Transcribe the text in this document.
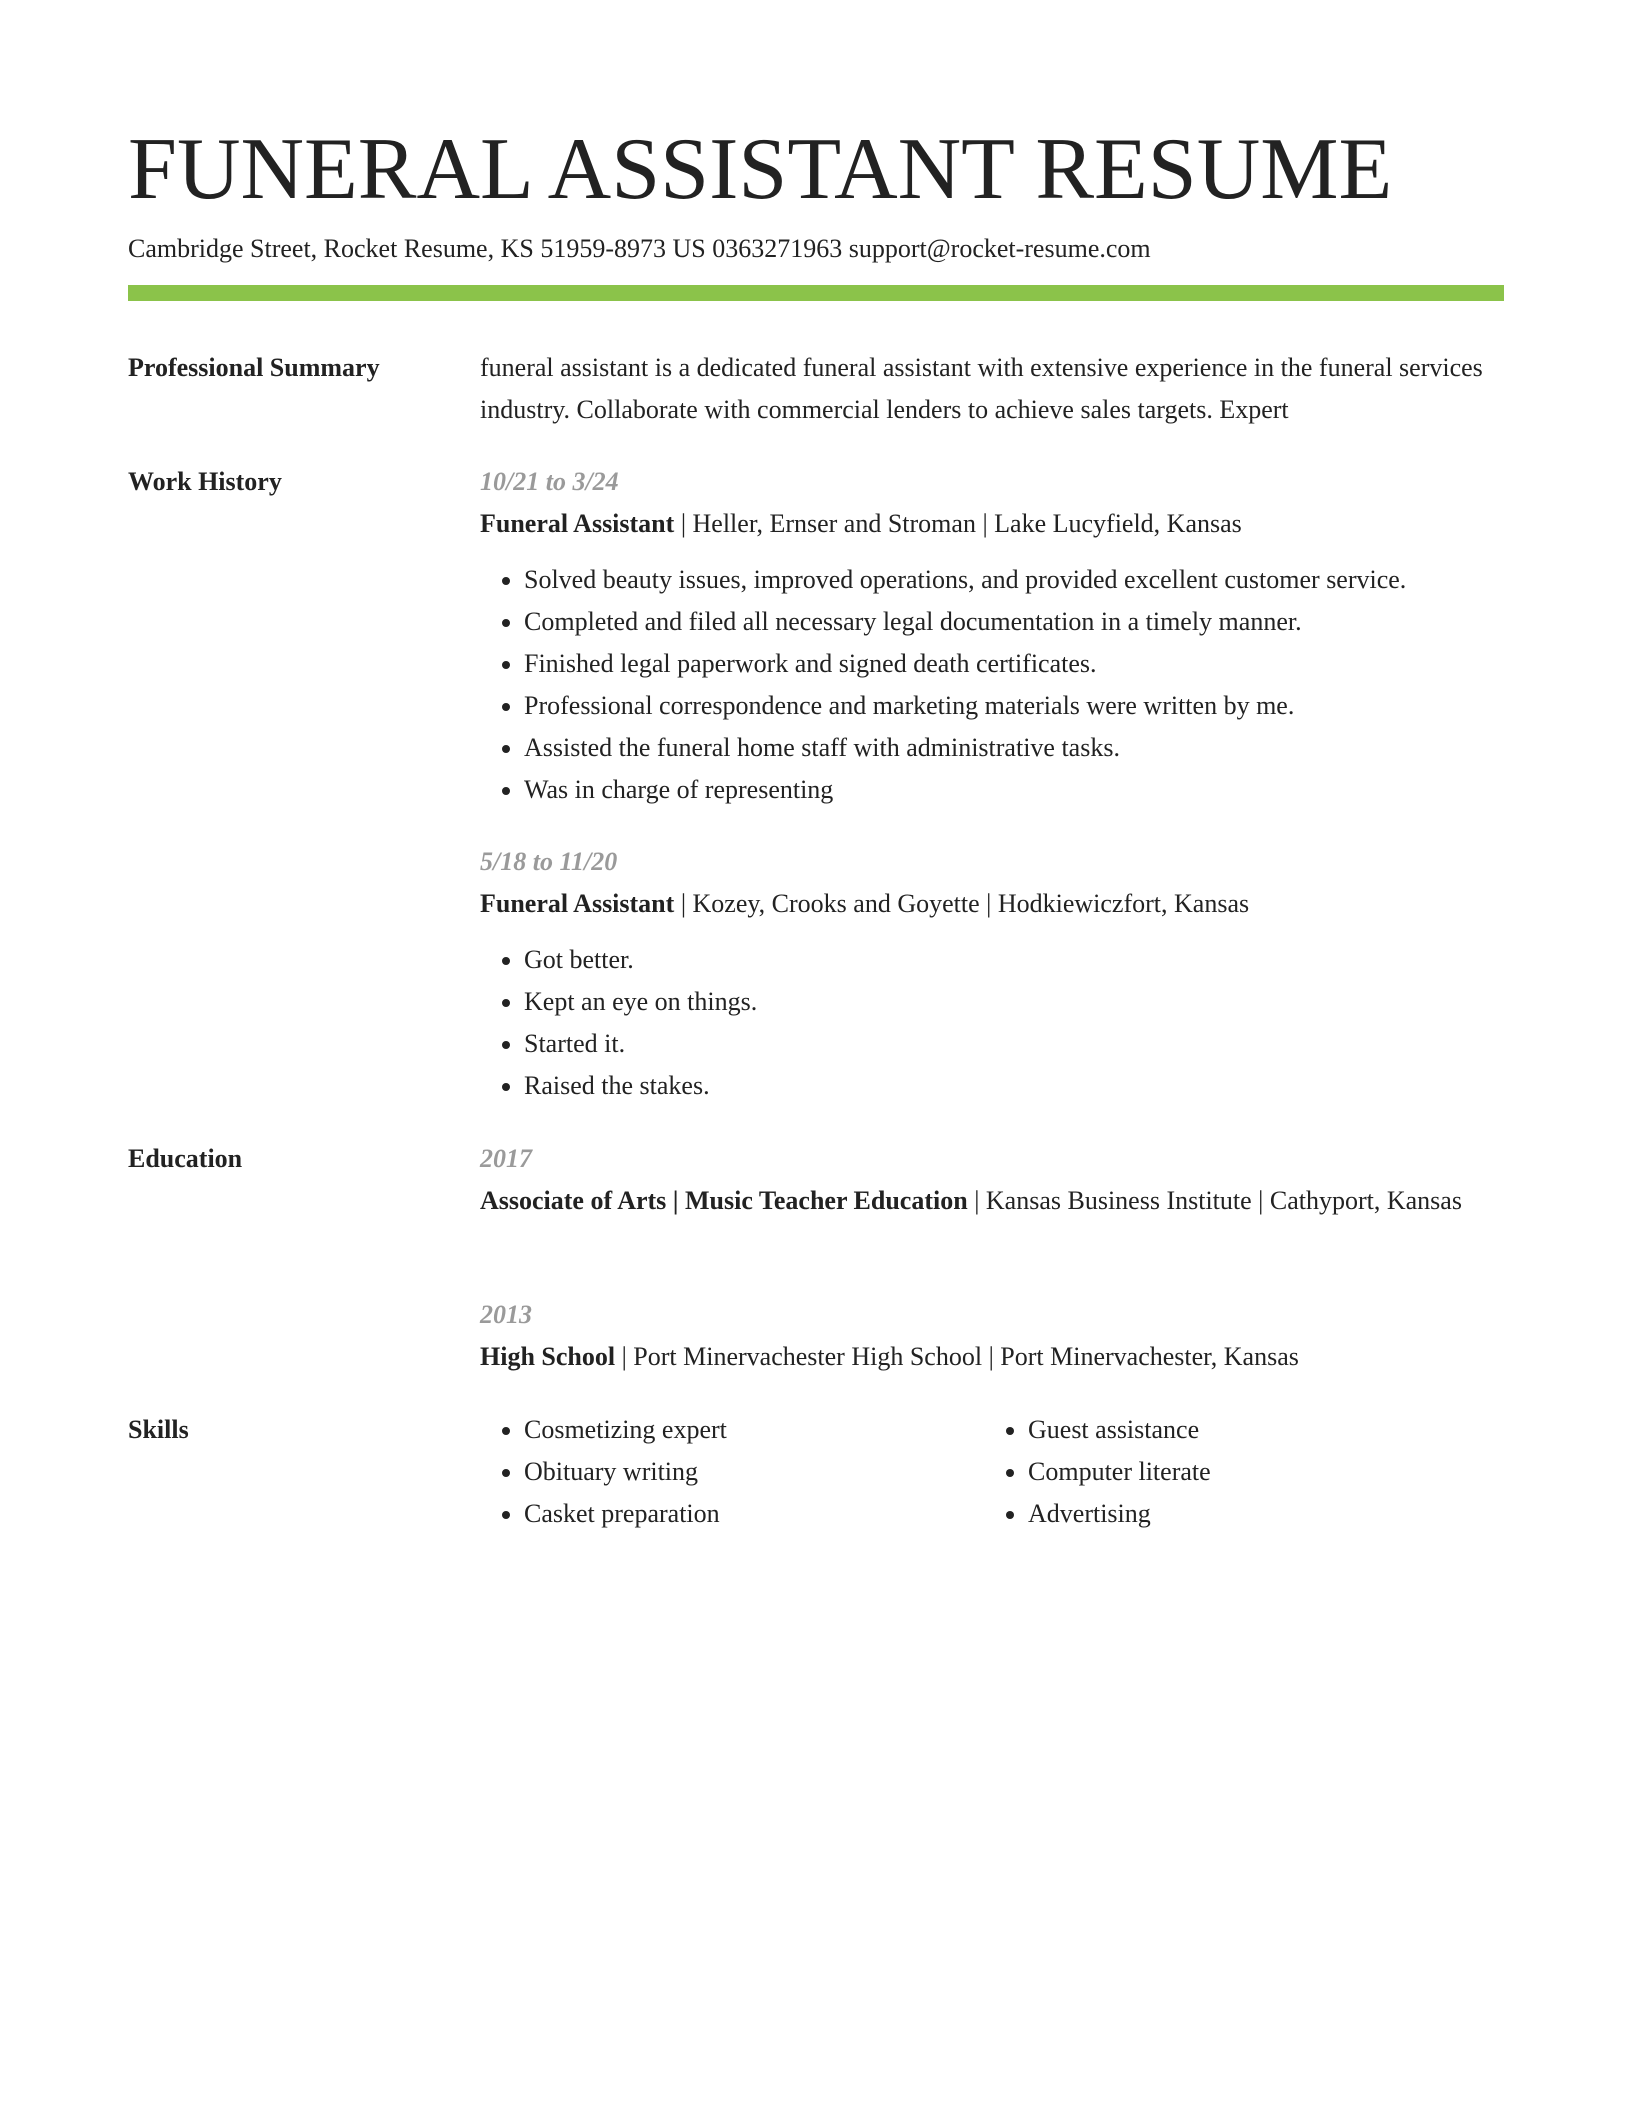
FUNERAL ASSISTANT RESUME
Cambridge Street, Rocket Resume, KS 51959-8973 US 0363271963 support@rocket-resume.com
Professional Summary	funeral assistant is a dedicated funeral assistant with extensive experience in the funeral services industry. Collaborate with commercial lenders to achieve sales targets. Expert
Work History	10/21 to 3/24
Funeral Assistant | Heller, Ernser and Stroman | Lake Lucyfield, Kansas
• Solved beauty issues, improved operations, and provided excellent customer service.
• Completed and filed all necessary legal documentation in a timely manner.
• Finished legal paperwork and signed death certificates.
• Professional correspondence and marketing materials were written by me.
• Assisted the funeral home staff with administrative tasks.
• Was in charge of representing
5/18 to 11/20
Funeral Assistant | Kozey, Crooks and Goyette | Hodkiewiczfort, Kansas
• Got better.
• Kept an eye on things.
• Started it.
• Raised the stakes.
Education	2017
Associate of Arts | Music Teacher Education | Kansas Business Institute | Cathyport, Kansas
2013
High School | Port Minervachester High School | Port Minervachester, Kansas
Skills
•	Cosmetizing expert
• Obituary writing
• Casket preparation
• Guest assistance
• Computer literate
• Advertising
